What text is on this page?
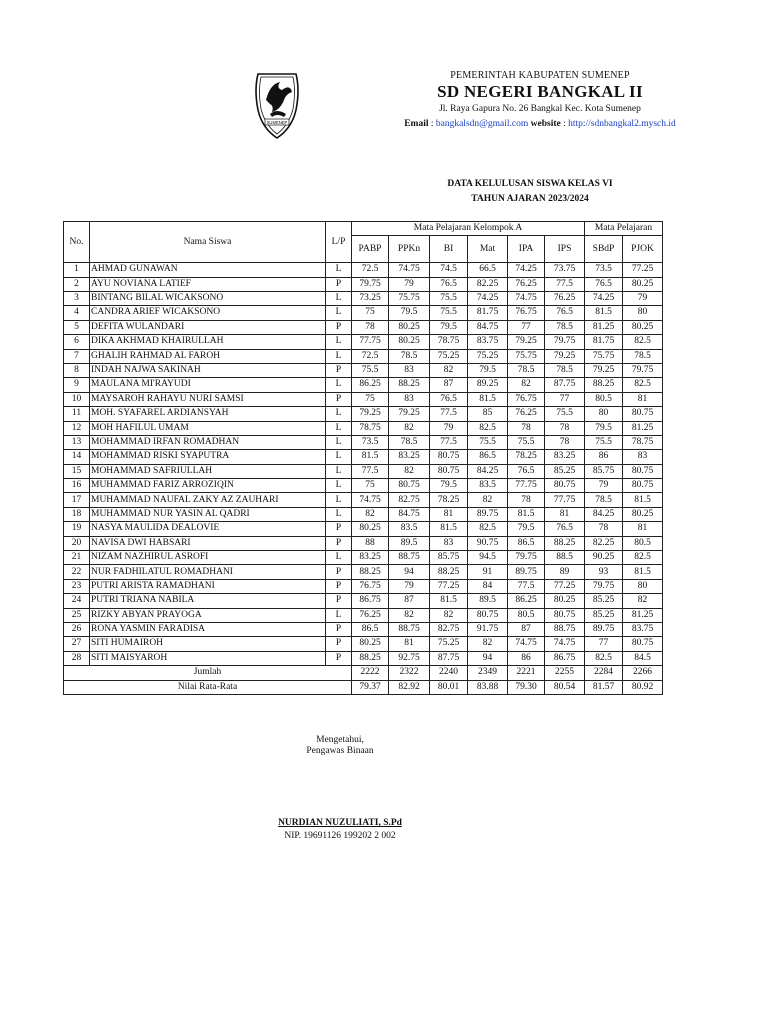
SUMENEP
PEMERINTAH KABUPATEN SUMENEP
SD NEGERI BANGKAL II
Jl. Raya Gapura No. 26 Bangkal Kec. Kota Sumenep
Email : bangkalsdn@gmail.com website : http://sdnbangkal2.mysch.id
DATA KELULUSAN SISWA KELAS VI
TAHUN AJARAN 2023/2024
No.	Nama Siswa	L/P	Mata Pelajaran Kelompok A						Mata Pelajaran	
			PABP	PPKn	BI	Mat	IPA	IPS	SBdP	PJOK
1	AHMAD GUNAWAN	L	72.5	74.75	74.5	66.5	74.25	73.75	73.5	77.25
2	AYU NOVIANA LATIEF	P	79.75	79	76.5	82.25	76.25	77.5	76.5	80.25
3	BINTANG BILAL WICAKSONO	L	73.25	75.75	75.5	74.25	74.75	76.25	74.25	79
4	CANDRA ARIEF WICAKSONO	L	75	79.5	75.5	81.75	76.75	76.5	81.5	80
5	DEFITA WULANDARI	P	78	80.25	79.5	84.75	77	78.5	81.25	80.25
6	DIKA AKHMAD KHAIRULLAH	L	77.75	80.25	78.75	83.75	79.25	79.75	81.75	82.5
7	GHALIH RAHMAD AL FAROH	L	72.5	78.5	75.25	75.25	75.75	79.25	75.75	78.5
8	INDAH NAJWA SAKINAH	P	75.5	83	82	79.5	78.5	78.5	79.25	79.75
9	MAULANA MI'RAYUDI	L	86.25	88.25	87	89.25	82	87.75	88.25	82.5
10	MAYSAROH RAHAYU NURI SAMSI	P	75	83	76.5	81.5	76.75	77	80.5	81
11	MOH. SYAFAREL ARDIANSYAH	L	79.25	79.25	77.5	85	76.25	75.5	80	80.75
12	MOH HAFILUL UMAM	L	78.75	82	79	82.5	78	78	79.5	81.25
13	MOHAMMAD IRFAN ROMADHAN	L	73.5	78.5	77.5	75.5	75.5	78	75.5	78.75
14	MOHAMMAD RISKI SYAPUTRA	L	81.5	83.25	80.75	86.5	78.25	83.25	86	83
15	MOHAMMAD SAFRIULLAH	L	77.5	82	80.75	84.25	76.5	85.25	85.75	80.75
16	MUHAMMAD FARIZ ARROZIQIN	L	75	80.75	79.5	83.5	77.75	80.75	79	80.75
17	MUHAMMAD NAUFAL ZAKY AZ ZAUHARI	L	74.75	82.75	78.25	82	78	77.75	78.5	81.5
18	MUHAMMAD NUR YASIN AL QADRI	L	82	84.75	81	89.75	81.5	81	84.25	80.25
19	NASYA MAULIDA DEALOVIE	P	80.25	83.5	81.5	82.5	79.5	76.5	78	81
20	NAVISA DWI HABSARI	P	88	89.5	83	90.75	86.5	88.25	82.25	80.5
21	NIZAM NAZHIRUL ASROFI	L	83.25	88.75	85.75	94.5	79.75	88.5	90.25	82.5
22	NUR FADHILATUL ROMADHANI	P	88.25	94	88.25	91	89.75	89	93	81.5
23	PUTRI ARISTA RAMADHANI	P	76.75	79	77.25	84	77.5	77.25	79.75	80
24	PUTRI TRIANA NABILA	P	86.75	87	81.5	89.5	86.25	80.25	85.25	82
25	RIZKY ABYAN PRAYOGA	L	76.25	82	82	80.75	80.5	80.75	85.25	81.25
26	RONA YASMIN FARADISA	P	86.5	88.75	82.75	91.75	87	88.75	89.75	83.75
27	SITI HUMAIROH	P	80.25	81	75.25	82	74.75	74.75	77	80.75
28	SITI MAISYAROH	P	88.25	92.75	87.75	94	86	86.75	82.5	84.5
Jumlah			2222	2322	2240	2349	2221	2255	2284	2266
Nilai Rata-Rata			79.37	82.92	80.01	83.88	79.30	80.54	81.57	80.92
Mengetahui,
Pengawas Binaan
NURDIAN NUZULIATI, S.Pd
NIP. 19691126 199202 2 002
